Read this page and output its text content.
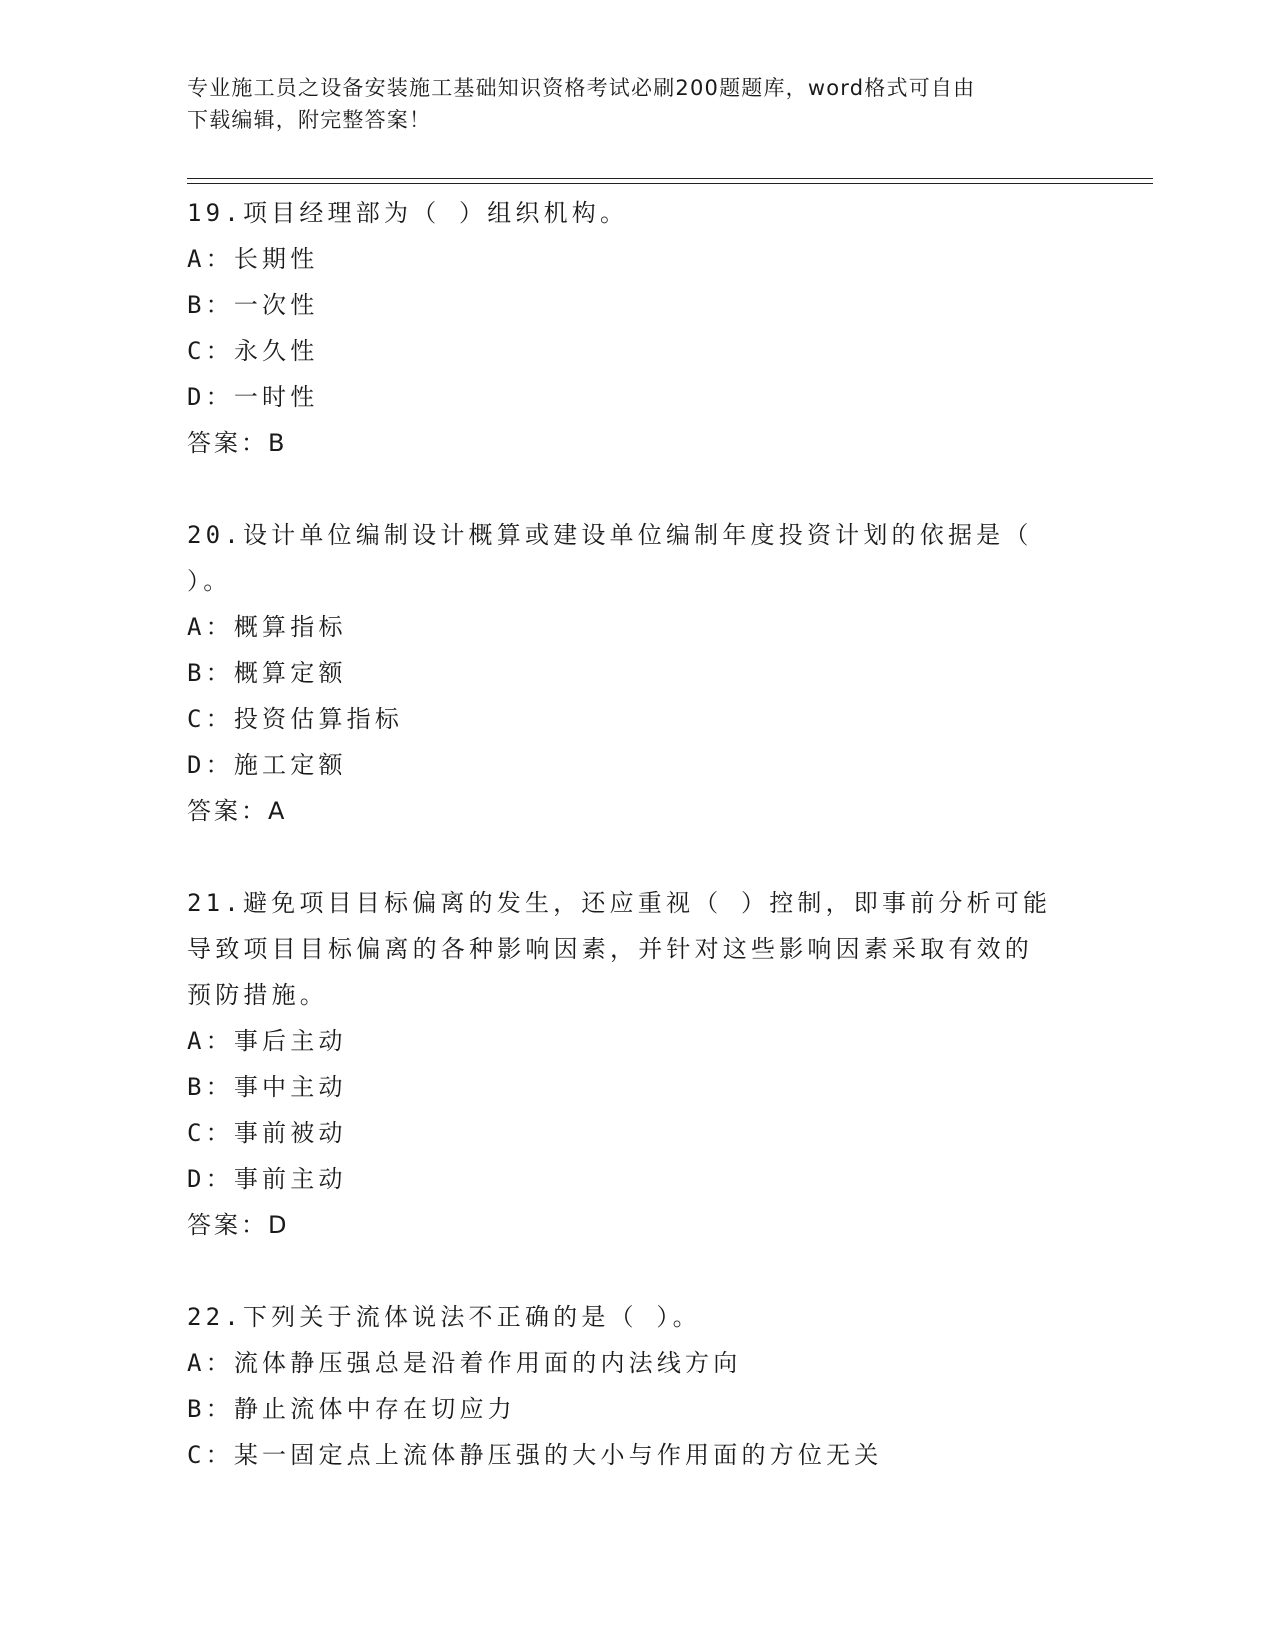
专业施工员之设备安装施工基础知识资格考试必刷200题题库，word格式可自由
下载编辑，附完整答案！
19.项目经理部为（ ）组织机构。
A：长期性
B：一次性
C：永久性
D：一时性
答案：B
20.设计单位编制设计概算或建设单位编制年度投资计划的依据是（
）。
A：概算指标
B：概算定额
C：投资估算指标
D：施工定额
答案：A
21.避免项目目标偏离的发生，还应重视（ ）控制，即事前分析可能
导致项目目标偏离的各种影响因素，并针对这些影响因素采取有效的
预防措施。
A：事后主动
B：事中主动
C：事前被动
D：事前主动
答案：D
22.下列关于流体说法不正确的是（ ）。
A：流体静压强总是沿着作用面的内法线方向
B：静止流体中存在切应力
C：某一固定点上流体静压强的大小与作用面的方位无关
